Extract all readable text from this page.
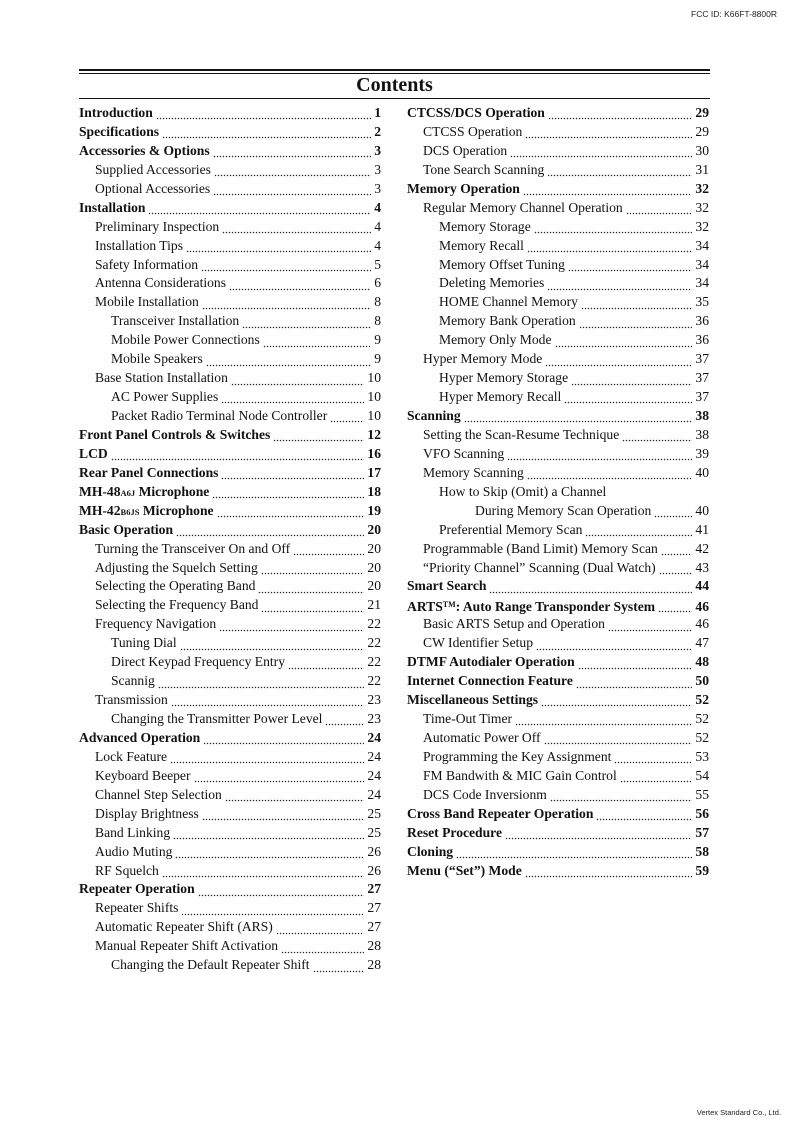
FCC ID: K66FT-8800R
Contents
Introduction	1
Specifications	2
Accessories & Options	3
Supplied Accessories	3
Optional Accessories	3
Installation	4
Preliminary Inspection	4
Installation Tips	4
Safety Information	5
Antenna Considerations	6
Mobile Installation	8
Transceiver Installation	8
Mobile Power Connections	9
Mobile Speakers	9
Base Station Installation	10
AC Power Supplies	10
Packet Radio Terminal Node Controller	10
Front Panel Controls & Switches	12
LCD	16
Rear Panel Connections	17
MH-48A6J Microphone	18
MH-42B6JS Microphone	19
Basic Operation	20
Turning the Transceiver On and Off	20
Adjusting the Squelch Setting	20
Selecting the Operating Band	20
Selecting the Frequency Band	21
Frequency Navigation	22
Tuning Dial	22
Direct Keypad Frequency Entry	22
Scannig	22
Transmission	23
Changing the Transmitter Power Level	23
Advanced Operation	24
Lock Feature	24
Keyboard Beeper	24
Channel Step Selection	24
Display Brightness	25
Band Linking	25
Audio Muting	26
RF Squelch	26
Repeater Operation	27
Repeater Shifts	27
Automatic Repeater Shift (ARS)	27
Manual Repeater Shift Activation	28
Changing the Default Repeater Shift	28
CTCSS/DCS Operation	29
CTCSS Operation	29
DCS Operation	30
Tone Search Scanning	31
Memory Operation	32
Regular Memory Channel Operation	32
Memory Storage	32
Memory Recall	34
Memory Offset Tuning	34
Deleting Memories	34
HOME Channel Memory	35
Memory Bank Operation	36
Memory Only Mode	36
Hyper Memory Mode	37
Hyper Memory Storage	37
Hyper Memory Recall	37
Scanning	38
Setting the Scan-Resume Technique	38
VFO Scanning	39
Memory Scanning	40
How to Skip (Omit) a Channel
During Memory Scan Operation	40
Preferential Memory Scan	41
Programmable (Band Limit) Memory Scan	42
“Priority Channel” Scanning (Dual Watch)	43
Smart Search	44
ARTS™: Auto Range Transponder System	46
Basic ARTS Setup and Operation	46
CW Identifier Setup	47
DTMF Autodialer Operation	48
Internet Connection Feature	50
Miscellaneous Settings	52
Time-Out Timer	52
Automatic Power Off	52
Programming the Key Assignment	53
FM Bandwith & MIC Gain Control	54
DCS Code Inversionm	55
Cross Band Repeater Operation	56
Reset Procedure	57
Cloning	58
Menu (“Set”) Mode	59
Vertex Standard Co., Ltd.
